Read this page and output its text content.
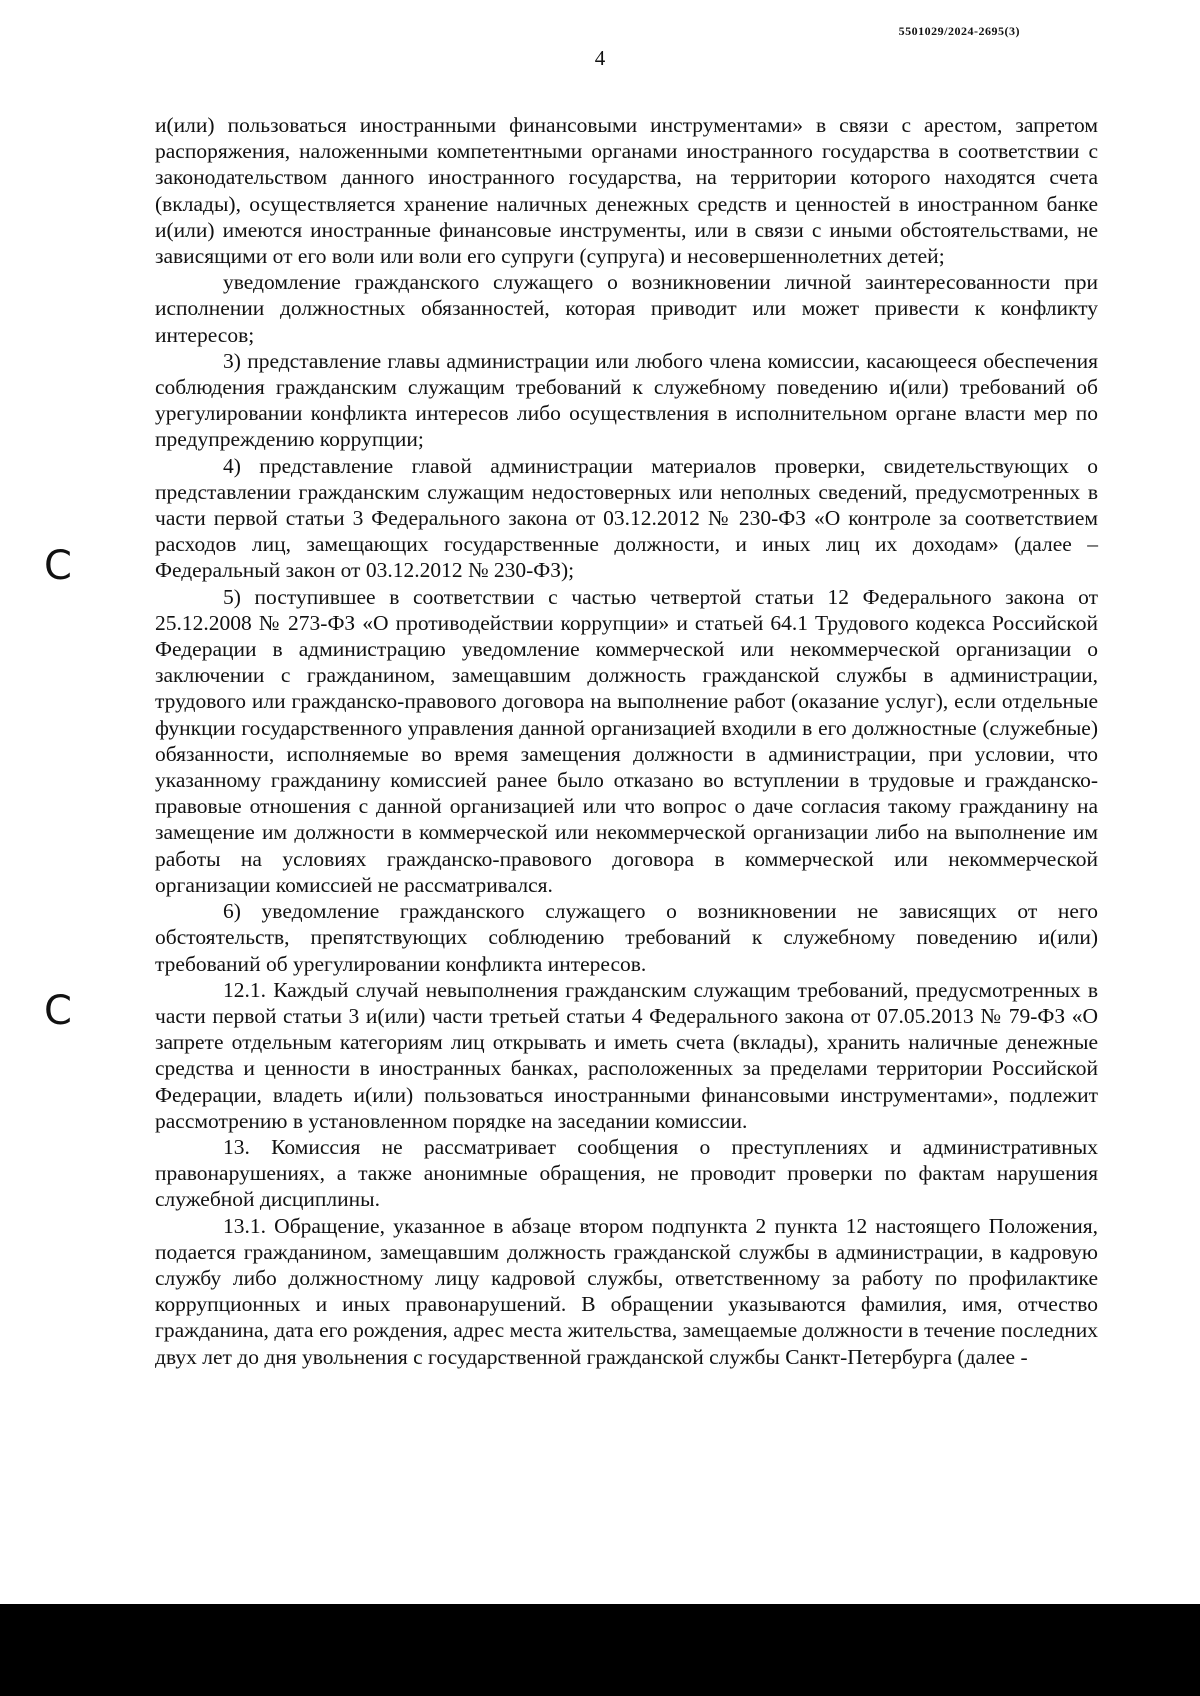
5501029/2024-2695(3)
4

и(или) пользоваться иностранными финансовыми инструментами» в связи с арестом, запретом распоряжения, наложенными компетентными органами иностранного государства в соответствии с законодательством данного иностранного государства, на территории которого находятся счета (вклады), осуществляется хранение наличных денежных средств и ценностей в иностранном банке и(или) имеются иностранные финансовые инструменты, или в связи с иными обстоятельствами, не зависящими от его воли или воли его супруги (супруга) и несовершеннолетних детей;

уведомление гражданского служащего о возникновении личной заинтересованности при исполнении должностных обязанностей, которая приводит или может привести к конфликту интересов;

3) представление главы администрации или любого члена комиссии, касающееся обеспечения соблюдения гражданским служащим требований к служебному поведению и(или) требований об урегулировании конфликта интересов либо осуществления в исполнительном органе власти мер по предупреждению коррупции;

4) представление главой администрации материалов проверки, свидетельствующих о представлении гражданским служащим недостоверных или неполных сведений, предусмотренных в части первой статьи 3 Федерального закона от 03.12.2012 № 230-ФЗ «О контроле за соответствием расходов лиц, замещающих государственные должности, и иных лиц их доходам» (далее – Федеральный закон от 03.12.2012 № 230-ФЗ);

5) поступившее в соответствии с частью четвертой статьи 12 Федерального закона от 25.12.2008 № 273-ФЗ «О противодействии коррупции» и статьей 64.1 Трудового кодекса Российской Федерации в администрацию уведомление коммерческой или некоммерческой организации о заключении с гражданином, замещавшим должность гражданской службы в администрации, трудового или гражданско-правового договора на выполнение работ (оказание услуг), если отдельные функции государственного управления данной организацией входили в его должностные (служебные) обязанности, исполняемые во время замещения должности в администрации, при условии, что указанному гражданину комиссией ранее было отказано во вступлении в трудовые и гражданско-правовые отношения с данной организацией или что вопрос о даче согласия такому гражданину на замещение им должности в коммерческой или некоммерческой организации либо на выполнение им работы на условиях гражданско-правового договора в коммерческой или некоммерческой организации комиссией не рассматривался.

6) уведомление гражданского служащего о возникновении не зависящих от него обстоятельств, препятствующих соблюдению требований к служебному поведению и(или) требований об урегулировании конфликта интересов.

12.1. Каждый случай невыполнения гражданским служащим требований, предусмотренных в части первой статьи 3 и(или) части третьей статьи 4 Федерального закона от 07.05.2013 № 79-ФЗ «О запрете отдельным категориям лиц открывать и иметь счета (вклады), хранить наличные денежные средства и ценности в иностранных банках, расположенных за пределами территории Российской Федерации, владеть и(или) пользоваться иностранными финансовыми инструментами», подлежит рассмотрению в установленном порядке на заседании комиссии.

13. Комиссия не рассматривает сообщения о преступлениях и административных правонарушениях, а также анонимные обращения, не проводит проверки по фактам нарушения служебной дисциплины.

13.1. Обращение, указанное в абзаце втором подпункта 2 пункта 12 настоящего Положения, подается гражданином, замещавшим должность гражданской службы в администрации, в кадровую службу либо должностному лицу кадровой службы, ответственному за работу по профилактике коррупционных и иных правонарушений. В обращении указываются фамилия, имя, отчество гражданина, дата его рождения, адрес места жительства, замещаемые должности в течение последних двух лет до дня увольнения с государственной гражданской службы Санкт-Петербурга (далее -

C
C
